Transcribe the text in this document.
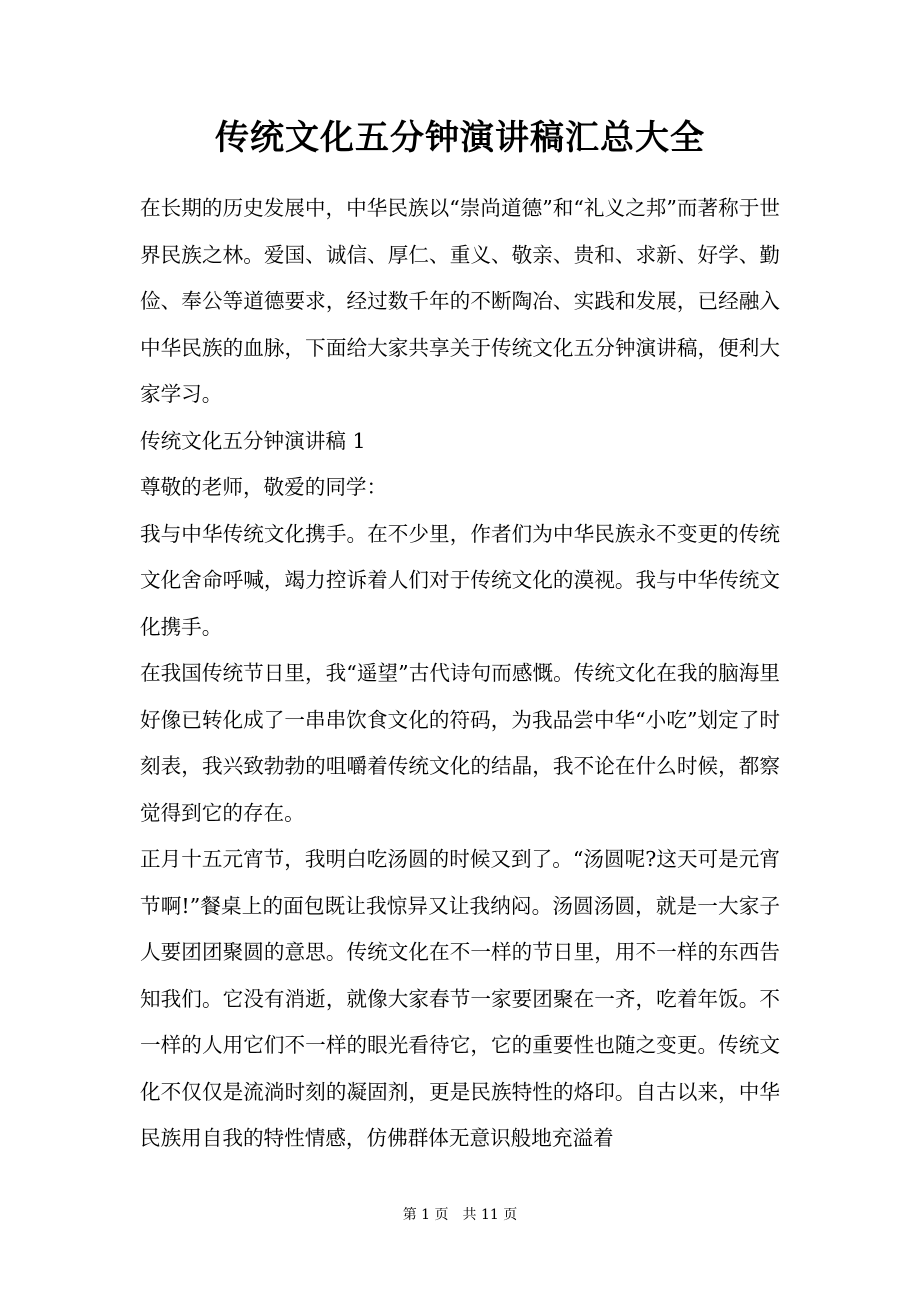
传统文化五分钟演讲稿汇总大全

在长期的历史发展中，中华民族以“崇尚道德”和“礼义之邦”而著称于世界民族之林。爱国、诚信、厚仁、重义、敬亲、贵和、求新、好学、勤俭、奉公等道德要求，经过数千年的不断陶冶、实践和发展，已经融入中华民族的血脉，下面给大家共享关于传统文化五分钟演讲稿，便利大家学习。

传统文化五分钟演讲稿 1

尊敬的老师，敬爱的同学：

我与中华传统文化携手。在不少里，作者们为中华民族永不变更的传统文化舍命呼喊，竭力控诉着人们对于传统文化的漠视。我与中华传统文化携手。

在我国传统节日里，我“遥望”古代诗句而感慨。传统文化在我的脑海里好像已转化成了一串串饮食文化的符码，为我品尝中华“小吃”划定了时刻表，我兴致勃勃的咀嚼着传统文化的结晶，我不论在什么时候，都察觉得到它的存在。

正月十五元宵节，我明白吃汤圆的时候又到了。“汤圆呢?这天可是元宵节啊!”餐桌上的面包既让我惊异又让我纳闷。汤圆汤圆，就是一大家子人要团团聚圆的意思。传统文化在不一样的节日里，用不一样的东西告知我们。它没有消逝，就像大家春节一家要团聚在一齐，吃着年饭。不一样的人用它们不一样的眼光看待它，它的重要性也随之变更。传统文化不仅仅是流淌时刻的凝固剂，更是民族特性的烙印。自古以来，中华民族用自我的特性情感，仿佛群体无意识般地充溢着

第 1 页 共 11 页
